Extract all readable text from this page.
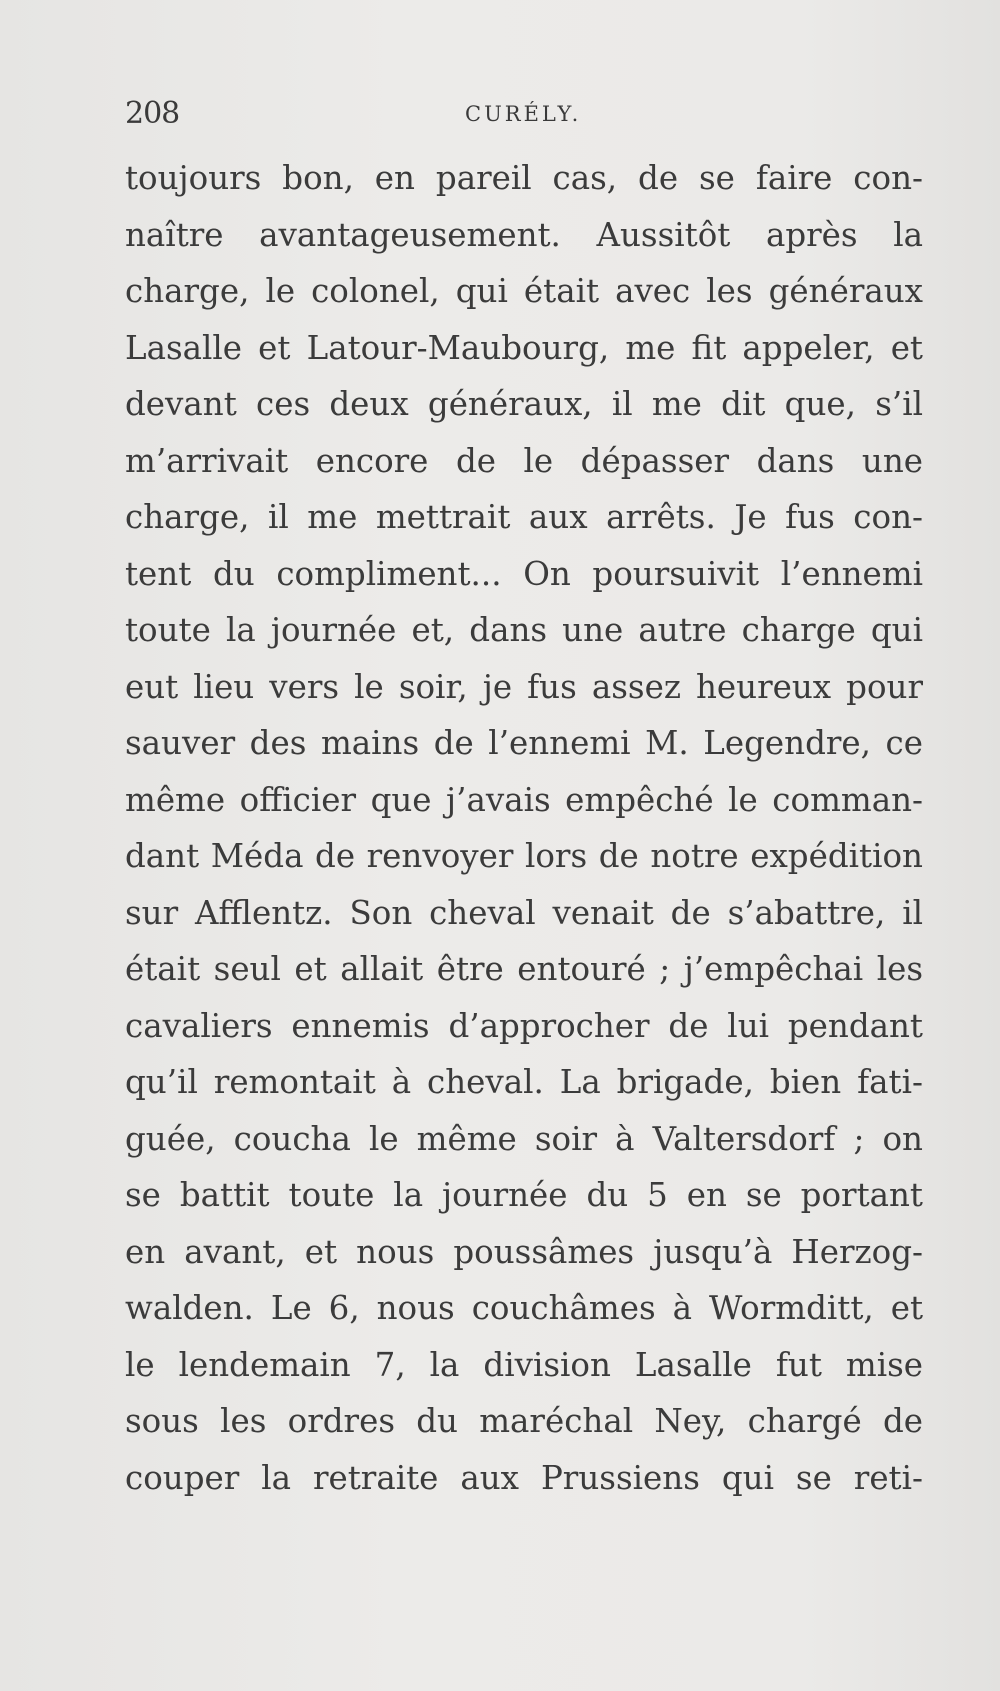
208	CURÉLY.
toujours bon, en pareil cas, de se faire con-
naître avantageusement. Aussitôt après la
charge, le colonel, qui était avec les généraux
Lasalle et Latour-Maubourg, me fit appeler, et
devant ces deux généraux, il me dit que, s’il
m’arrivait encore de le dépasser dans une
charge, il me mettrait aux arrêts. Je fus con-
tent du compliment... On poursuivit l’ennemi
toute la journée et, dans une autre charge qui
eut lieu vers le soir, je fus assez heureux pour
sauver des mains de l’ennemi M. Legendre, ce
même officier que j’avais empêché le comman-
dant Méda de renvoyer lors de notre expédition
sur Afflentz. Son cheval venait de s’abattre, il
était seul et allait être entouré ; j’empêchai les
cavaliers ennemis d’approcher de lui pendant
qu’il remontait à cheval. La brigade, bien fati-
guée, coucha le même soir à Valtersdorf ; on
se battit toute la journée du 5 en se portant
en avant, et nous poussâmes jusqu’à Herzog-
walden. Le 6, nous couchâmes à Wormditt, et
le lendemain 7, la division Lasalle fut mise
sous les ordres du maréchal Ney, chargé de
couper la retraite aux Prussiens qui se reti-
